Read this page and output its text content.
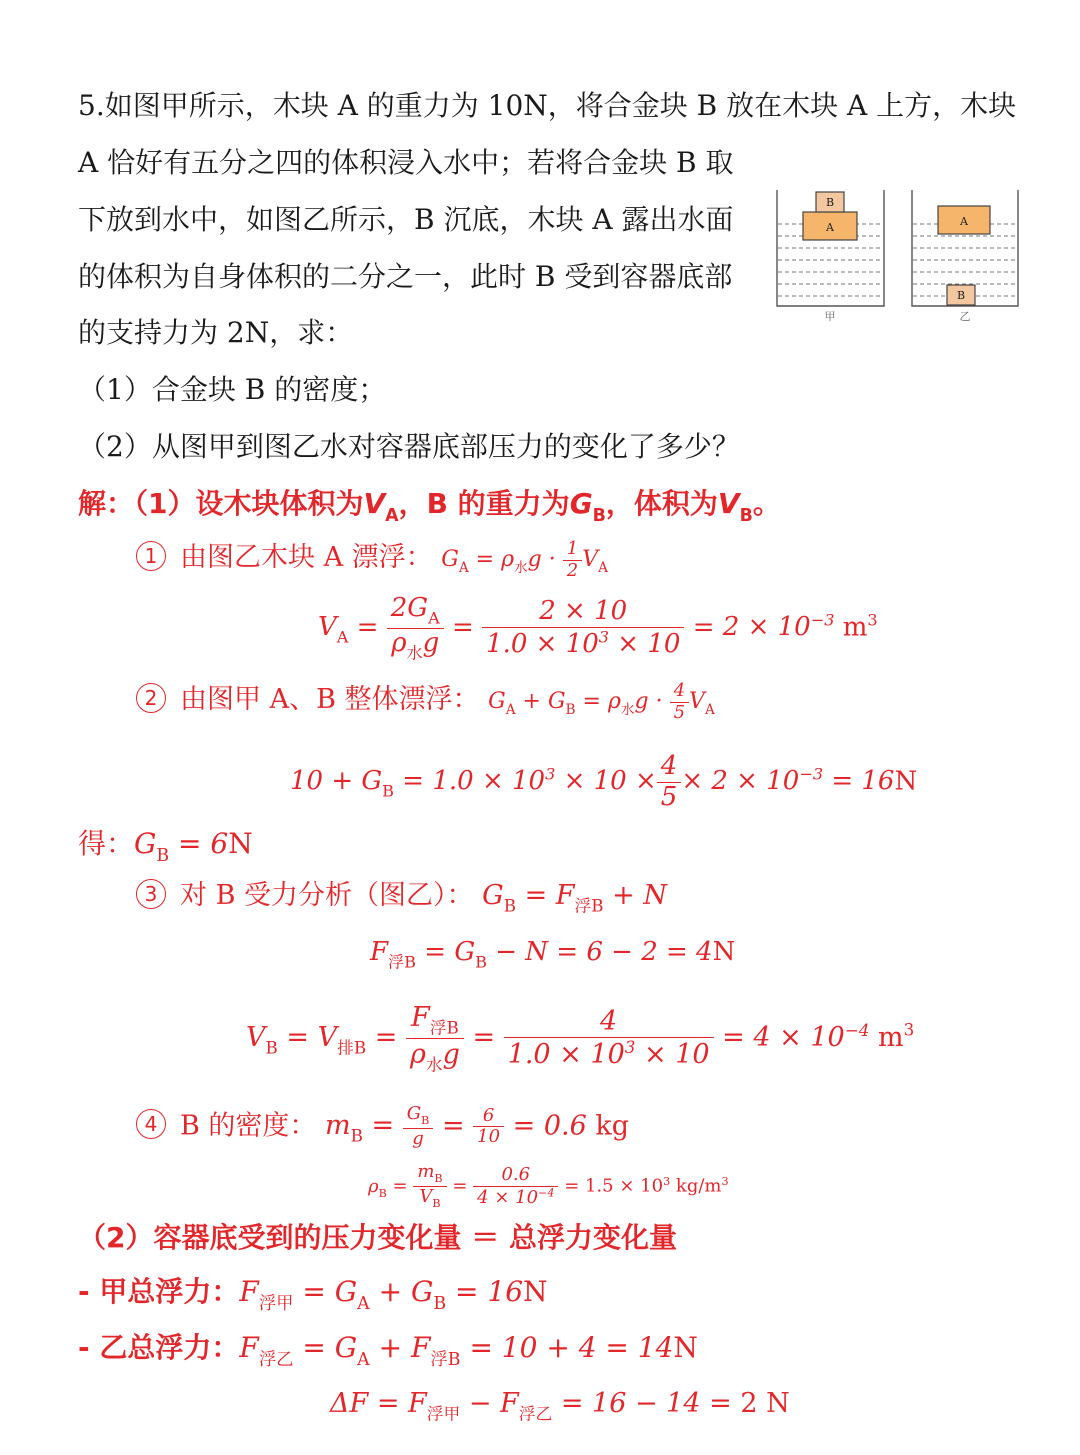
5.如图甲所示，木块 A 的重力为 10N，将合金块 B 放在木块 A 上方，木块
A 恰好有五分之四的体积浸入水中；若将合金块 B 取
下放到水中，如图乙所示，B 沉底，木块 A 露出水面
的体积为自身体积的二分之一，此时 B 受到容器底部
的支持力为 2N，求：
（1）合金块 B 的密度；
（2）从图甲到图乙水对容器底部压力的变化了多少？
A
B
甲
A
B
乙
解：（1）设木块体积为$V_A$，B 的重力为$G_B$，体积为$V_B$。
1 由图乙木块 A 漂浮： $G_A = \rho_水g \cdot \frac{1}{2} V_A$
$V_A = \frac{2G_A}{\rho_水g} = \frac{2 \times 10}{1.0 \times 10^3 \times 10} = 2 \times 10^{-3}$ $m^3$
2 由图甲 A、B 整体漂浮： $G_A + G_B = \rho_水g \cdot \frac{4}{5} V_A$
$10 + G_B = 1.0 \times 10^3 \times 10 \times \frac{4}{5} \times 2 \times 10^{-3} = 16N$
得：$G_B = 6N$
3 对 B 受力分析（图乙）： $G_B = F_{浮B} + N$
$F_{浮B} = G_B - N = 6 - 2 = 4N$
$V_B = V_{排B} = \frac{F_{浮B}}{\rho_水g} = \frac{4}{1.0 \times 10^3 \times 10} = 4 \times 10^{-4}$ $m^3$
4 B 的密度： $m_B = \frac{G_B}{g} = \frac{6}{10} = 0.6$ kg
$\rho_B = \frac{m_B}{V_B} = \frac{0.6}{4 \times 10^{-4}} = 1.5 \times 10^3$ $kg/m^3$
（2）容器底受到的压力变化量 ＝ 总浮力变化量
- 甲总浮力：$F_{浮甲} = G_A + G_B = 16N$
- 乙总浮力：$F_{浮乙} = G_A + F_{浮B} = 10 + 4 = 14N$
$\Delta F = F_{浮甲} - F_{浮乙} = 16 - 14 = 2$ N
